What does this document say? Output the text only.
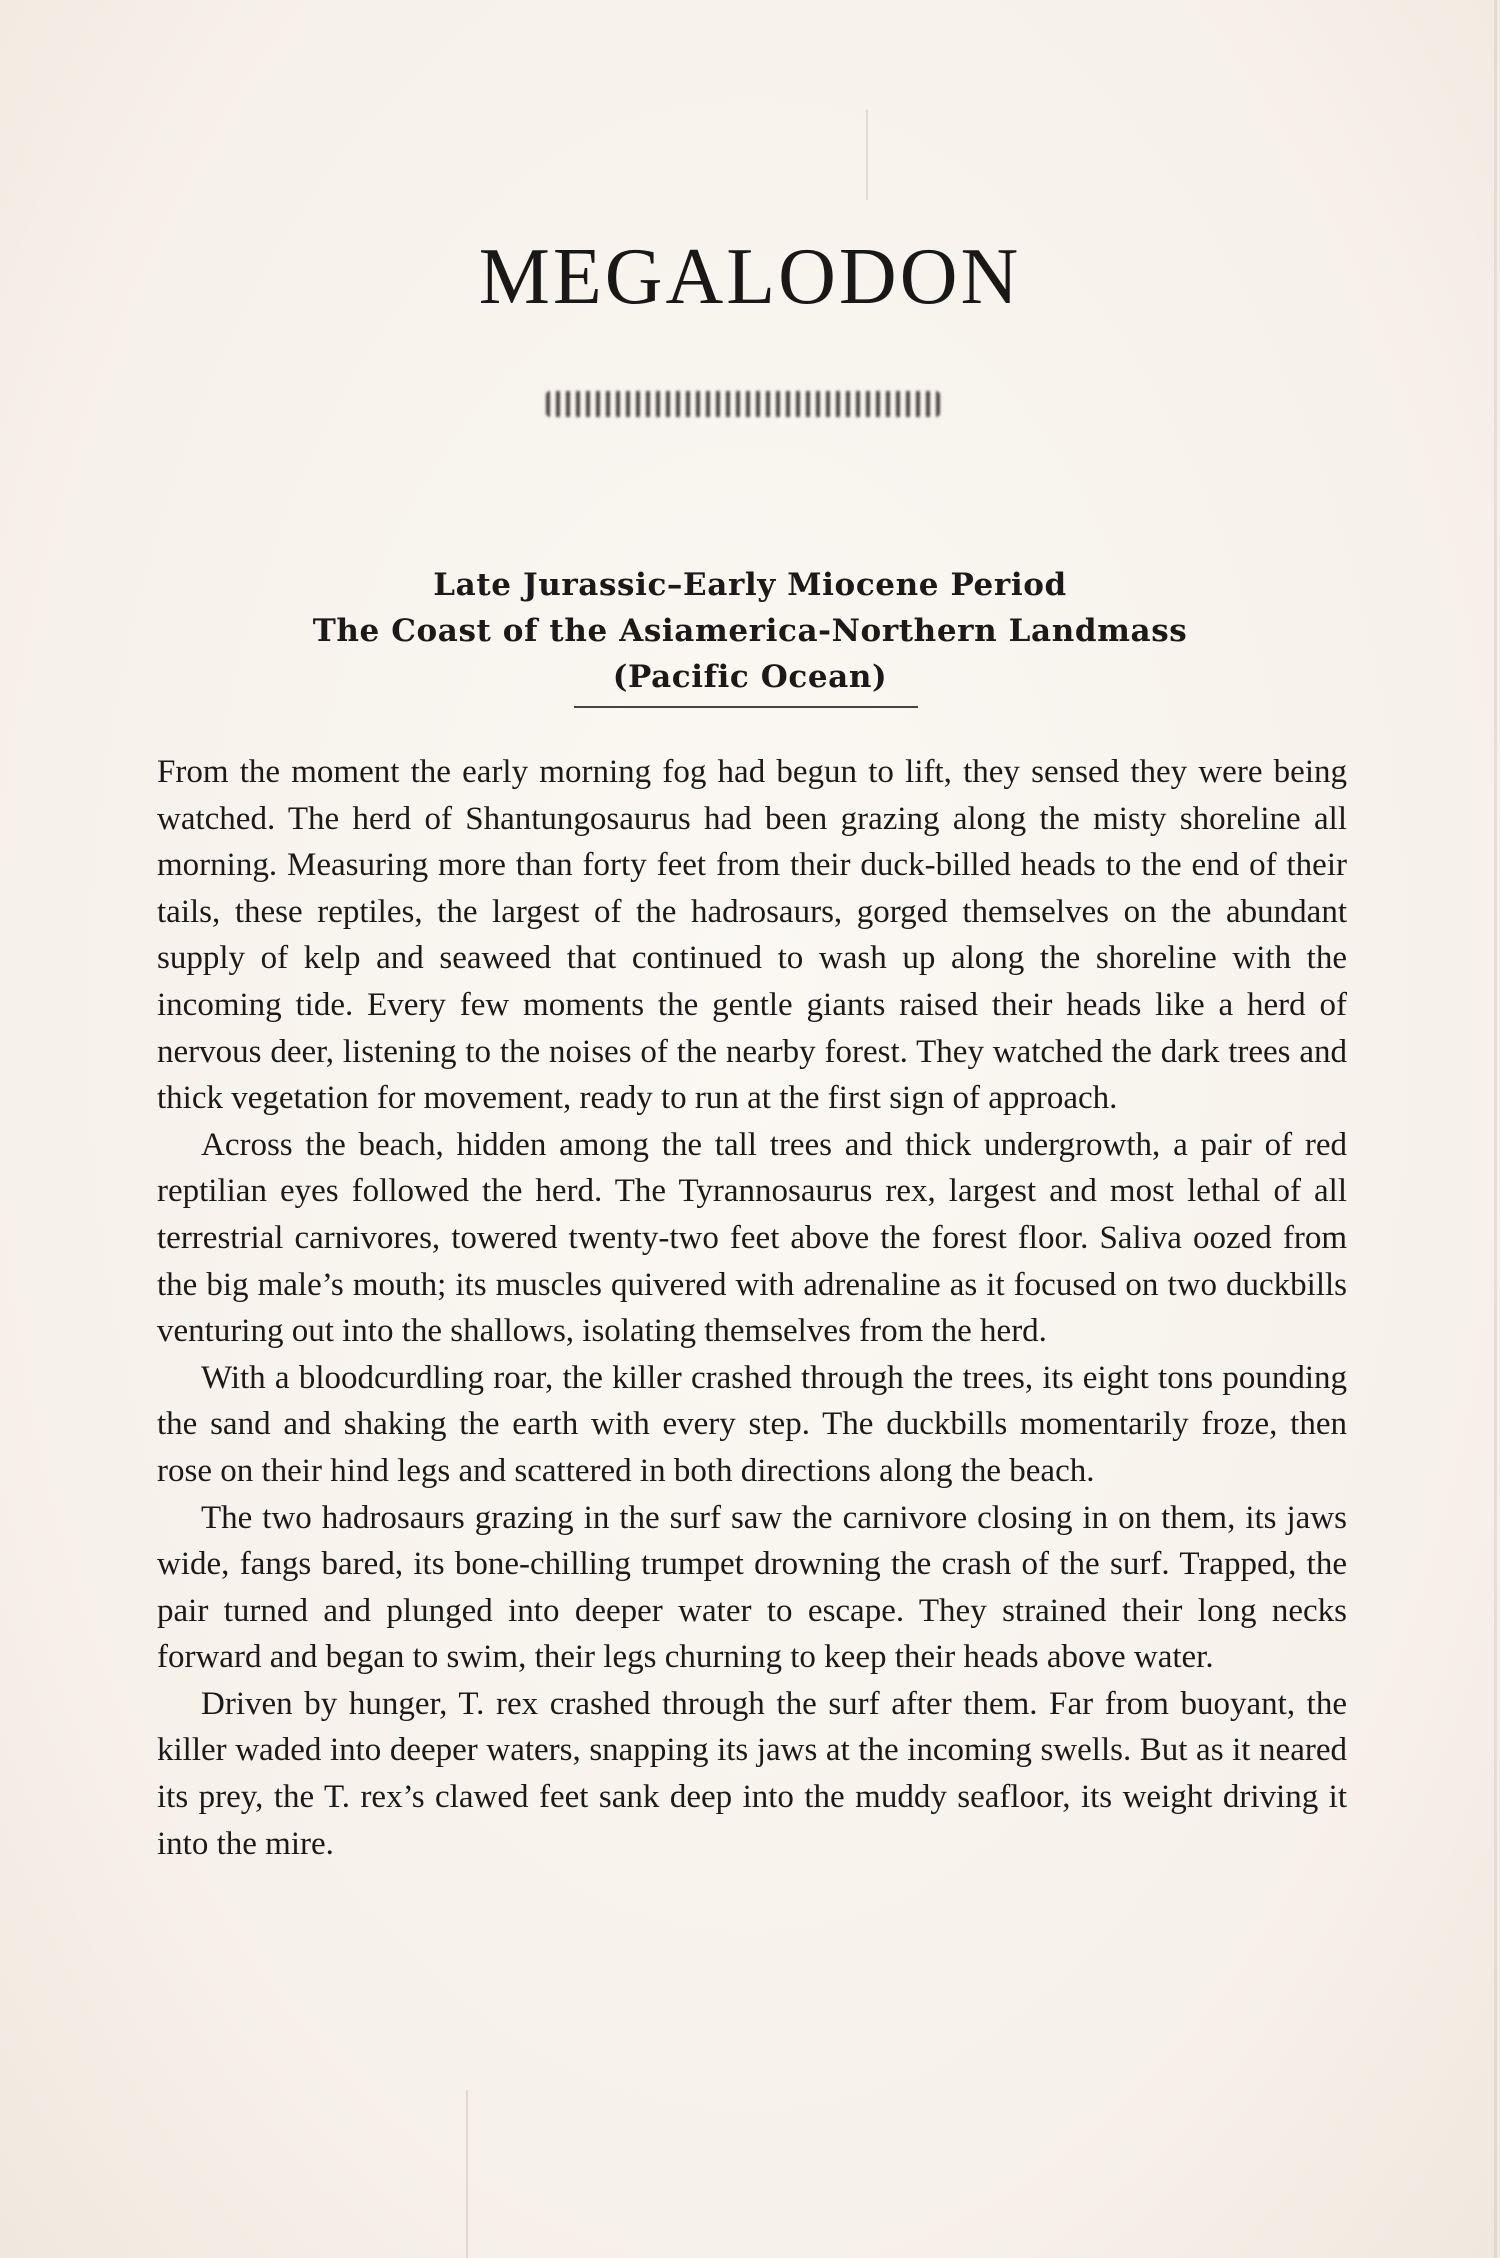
MEGALODON
Late Jurassic–Early Miocene Period
The Coast of the Asiamerica-Northern Landmass
(Pacific Ocean)

From the moment the early morning fog had begun to lift, they sensed they were being watched. The herd of Shantungosaurus had been grazing along the misty shoreline all morning. Measuring more than forty feet from their duck-billed heads to the end of their tails, these reptiles, the largest of the hadrosaurs, gorged themselves on the abundant supply of kelp and seaweed that continued to wash up along the shoreline with the incoming tide. Every few moments the gentle giants raised their heads like a herd of nervous deer, listening to the noises of the nearby forest. They watched the dark trees and thick vegetation for movement, ready to run at the first sign of approach.

Across the beach, hidden among the tall trees and thick undergrowth, a pair of red reptilian eyes followed the herd. The Tyrannosaurus rex, largest and most lethal of all terrestrial carnivores, towered twenty-two feet above the forest floor. Saliva oozed from the big male’s mouth; its muscles quivered with adrenaline as it focused on two duckbills venturing out into the shallows, isolating themselves from the herd.

With a bloodcurdling roar, the killer crashed through the trees, its eight tons pounding the sand and shaking the earth with every step. The duckbills momentarily froze, then rose on their hind legs and scattered in both directions along the beach.

The two hadrosaurs grazing in the surf saw the carnivore closing in on them, its jaws wide, fangs bared, its bone-chilling trumpet drowning the crash of the surf. Trapped, the pair turned and plunged into deeper water to escape. They strained their long necks forward and began to swim, their legs churning to keep their heads above water.

Driven by hunger, T. rex crashed through the surf after them. Far from buoyant, the killer waded into deeper waters, snapping its jaws at the incoming swells. But as it neared its prey, the T. rex’s clawed feet sank deep into the muddy seafloor, its weight driving it into the mire.
